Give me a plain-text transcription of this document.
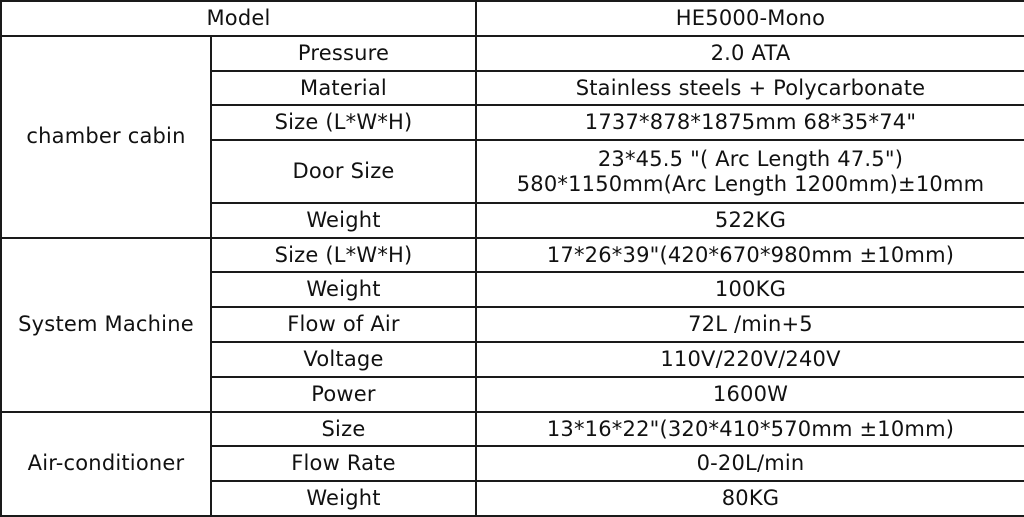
Model		HE5000-Mono
chamber cabin	Pressure	2.0 ATA
	Material	Stainless steels + Polycarbonate
	Size (L*W*H)	1737*878*1875mm 68*35*74"
	Door Size	23*45.5 "( Arc Length 47.5")
580*1150mm(Arc Length 1200mm)±10mm

	Weight	522KG
System Machine	Size (L*W*H)	17*26*39"(420*670*980mm ±10mm)
	Weight	100KG
	Flow of Air	72L /min+5
	Voltage	110V/220V/240V
	Power	1600W
Air-conditioner	Size	13*16*22"(320*410*570mm ±10mm)
	Flow Rate	0-20L/min
	Weight	80KG
